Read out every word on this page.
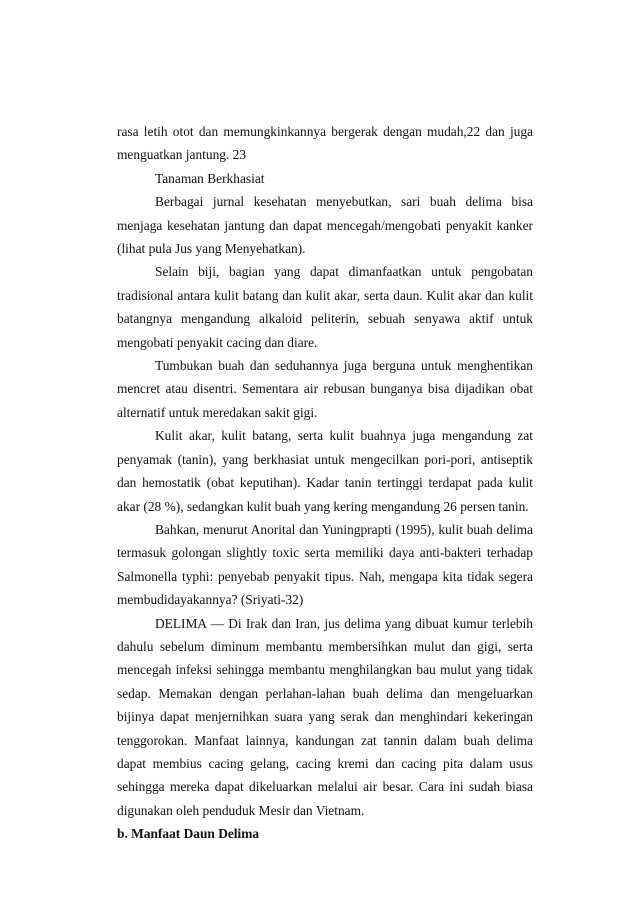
rasa letih otot dan memungkinkannya bergerak dengan mudah,22 dan juga menguatkan jantung. 23

Tanaman Berkhasiat

Berbagai jurnal kesehatan menyebutkan, sari buah delima bisa menjaga kesehatan jantung dan dapat mencegah/mengobati penyakit kanker (lihat pula Jus yang Menyehatkan).

Selain biji, bagian yang dapat dimanfaatkan untuk pengobatan tradisional antara kulit batang dan kulit akar, serta daun. Kulit akar dan kulit batangnya mengandung alkaloid peliterin, sebuah senyawa aktif untuk mengobati penyakit cacing dan diare.

Tumbukan buah dan seduhannya juga berguna untuk menghentikan mencret atau disentri. Sementara air rebusan bunganya bisa dijadikan obat alternatif untuk meredakan sakit gigi.

Kulit akar, kulit batang, serta kulit buahnya juga mengandung zat penyamak (tanin), yang berkhasiat untuk mengecilkan pori-pori, antiseptik dan hemostatik (obat keputihan). Kadar tanin tertinggi terdapat pada kulit akar (28 %), sedangkan kulit buah yang kering mengandung 26 persen tanin.

Bahkan, menurut Anorital dan Yuningprapti (1995), kulit buah delima termasuk golongan slightly toxic serta memiliki daya anti-bakteri terhadap Salmonella typhi: penyebab penyakit tipus. Nah, mengapa kita tidak segera membudidayakannya? (Sriyati-32)

DELIMA — Di Irak dan Iran, jus delima yang dibuat kumur terlebih dahulu sebelum diminum membantu membersihkan mulut dan gigi, serta mencegah infeksi sehingga membantu menghilangkan bau mulut yang tidak sedap. Memakan dengan perlahan-lahan buah delima dan mengeluarkan bijinya dapat menjernihkan suara yang serak dan menghindari kekeringan tenggorokan. Manfaat lainnya, kandungan zat tannin dalam buah delima dapat membius cacing gelang, cacing kremi dan cacing pita dalam usus sehingga mereka dapat dikeluarkan melalui air besar. Cara ini sudah biasa digunakan oleh penduduk Mesir dan Vietnam.

b. Manfaat Daun Delima
